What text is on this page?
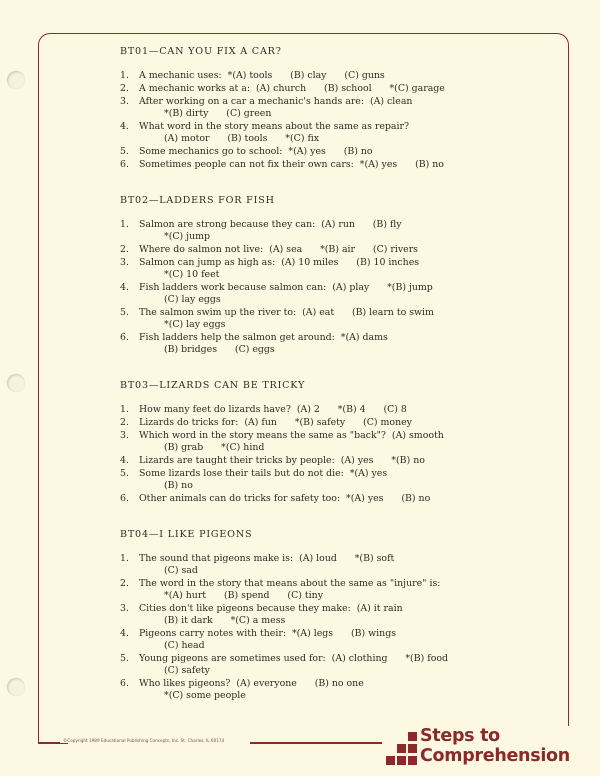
BT01—CAN YOU FIX A CAR?
1. A mechanic uses:  *(A) tools      (B) clay      (C) guns
2. A mechanic works at a:  (A) church      (B) school      *(C) garage
3. After working on a car a mechanic's hands are:  (A) clean
*(B) dirty      (C) green
4. What word in the story means about the same as repair?
(A) motor      (B) tools      *(C) fix
5. Some mechanics go to school:  *(A) yes      (B) no
6. Sometimes people can not fix their own cars:  *(A) yes      (B) no
BT02—LADDERS FOR FISH
1. Salmon are strong because they can:  (A) run      (B) fly
*(C) jump
2. Where do salmon not live:  (A) sea      *(B) air      (C) rivers
3. Salmon can jump as high as:  (A) 10 miles      (B) 10 inches
*(C) 10 feet
4. Fish ladders work because salmon can:  (A) play      *(B) jump
(C) lay eggs
5. The salmon swim up the river to:  (A) eat      (B) learn to swim
*(C) lay eggs
6. Fish ladders help the salmon get around:  *(A) dams
(B) bridges      (C) eggs
BT03—LIZARDS CAN BE TRICKY
1. How many feet do lizards have?  (A) 2      *(B) 4      (C) 8
2. Lizards do tricks for:  (A) fun      *(B) safety      (C) money
3. Which word in the story means the same as "back"?  (A) smooth
(B) grab      *(C) hind
4. Lizards are taught their tricks by people:  (A) yes      *(B) no
5. Some lizards lose their tails but do not die:  *(A) yes
(B) no
6. Other animals can do tricks for safety too:  *(A) yes      (B) no
BT04—I LIKE PIGEONS
1. The sound that pigeons make is:  (A) loud      *(B) soft
(C) sad
2. The word in the story that means about the same as "injure" is:
*(A) hurt      (B) spend      (C) tiny
3. Cities don't like pigeons because they make:  (A) it rain
(B) it dark      *(C) a mess
4. Pigeons carry notes with their:  *(A) legs      (B) wings
(C) head
5. Young pigeons are sometimes used for:  (A) clothing      *(B) food
(C) safety
6. Who likes pigeons?  (A) everyone      (B) no one
*(C) some people
©Copyright 1989 Educational Publishing Concepts, Inc. St. Charles, IL 60174	Steps to
Comprehension
